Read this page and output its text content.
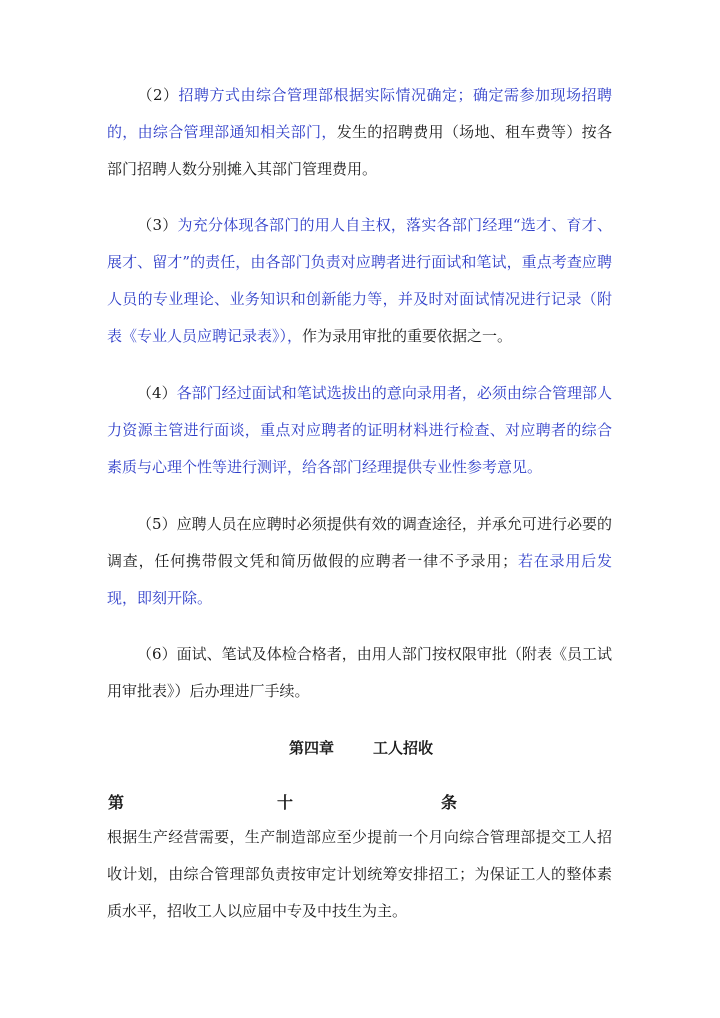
（2）招聘方式由综合管理部根据实际情况确定；确定需参加现场招聘的，由综合管理部通知相关部门，发生的招聘费用（场地、租车费等）按各部门招聘人数分别摊入其部门管理费用。

（3）为充分体现各部门的用人自主权，落实各部门经理“选才、育才、展才、留才”的责任，由各部门负责对应聘者进行面试和笔试，重点考查应聘人员的专业理论、业务知识和创新能力等，并及时对面试情况进行记录（附表《专业人员应聘记录表》），作为录用审批的重要依据之一。

（4）各部门经过面试和笔试选拔出的意向录用者，必须由综合管理部人力资源主管进行面谈，重点对应聘者的证明材料进行检查、对应聘者的综合素质与心理个性等进行测评，给各部门经理提供专业性参考意见。

（5）应聘人员在应聘时必须提供有效的调查途径，并承允可进行必要的调查，任何携带假文凭和简历做假的应聘者一律不予录用；若在录用后发现，即刻开除。

（6）面试、笔试及体检合格者，由用人部门按权限审批（附表《员工试用审批表》）后办理进厂手续。

第四章	工人招收
第	十	条

根据生产经营需要，生产制造部应至少提前一个月向综合管理部提交工人招收计划，由综合管理部负责按审定计划统筹安排招工；为保证工人的整体素质水平，招收工人以应届中专及中技生为主。
